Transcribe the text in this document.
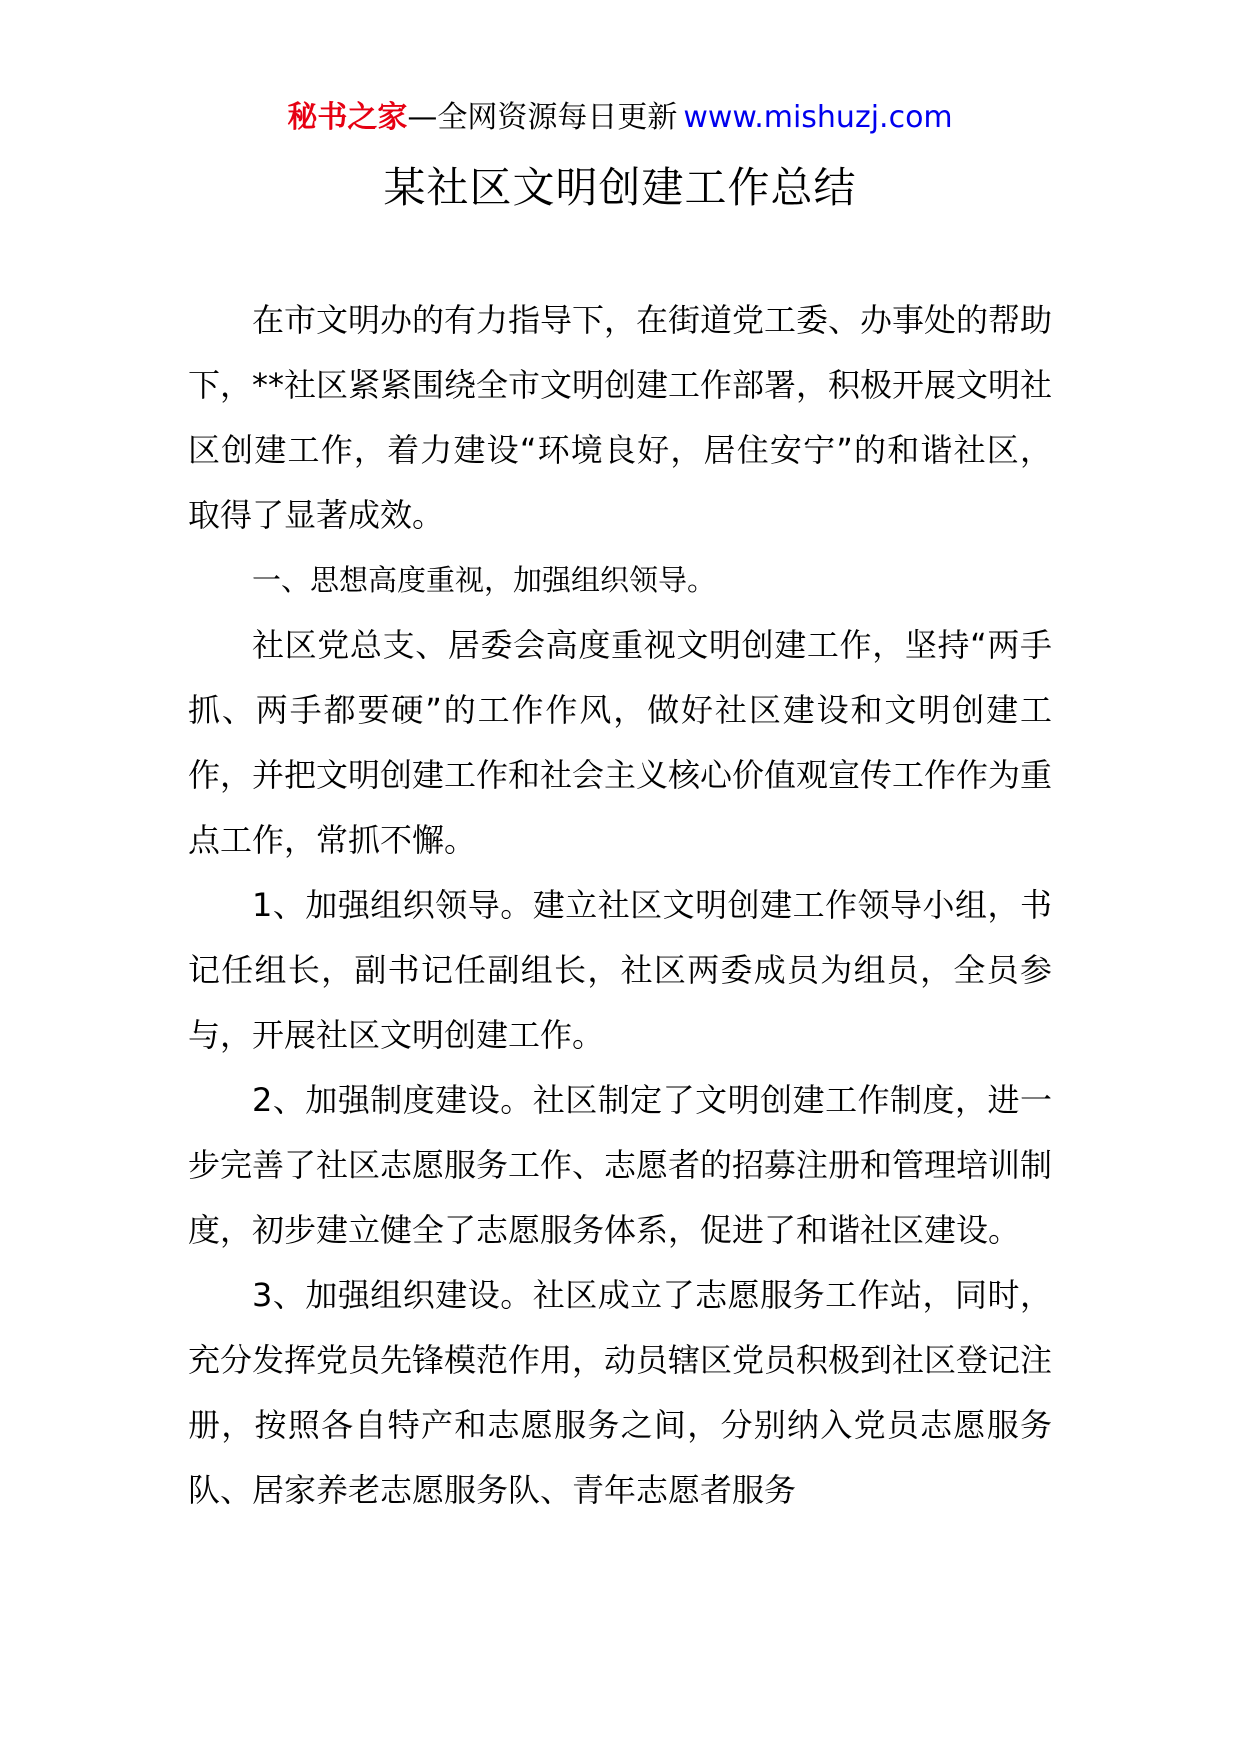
秘书之家—全网资源每日更新 www.mishuzj.com
某社区文明创建工作总结

在市文明办的有力指导下，在街道党工委、办事处的帮助下，**社区紧紧围绕全市文明创建工作部署，积极开展文明社区创建工作，着力建设“环境良好，居住安宁”的和谐社区，取得了显著成效。

一、思想高度重视，加强组织领导。

社区党总支、居委会高度重视文明创建工作，坚持“两手抓、两手都要硬”的工作作风，做好社区建设和文明创建工作，并把文明创建工作和社会主义核心价值观宣传工作作为重点工作，常抓不懈。

1、加强组织领导。建立社区文明创建工作领导小组，书记任组长，副书记任副组长，社区两委成员为组员，全员参与，开展社区文明创建工作。

2、加强制度建设。社区制定了文明创建工作制度，进一步完善了社区志愿服务工作、志愿者的招募注册和管理培训制度，初步建立健全了志愿服务体系，促进了和谐社区建设。

3、加强组织建设。社区成立了志愿服务工作站，同时，充分发挥党员先锋模范作用，动员辖区党员积极到社区登记注册，按照各自特产和志愿服务之间，分别纳入党员志愿服务队、居家养老志愿服务队、青年志愿者服务
